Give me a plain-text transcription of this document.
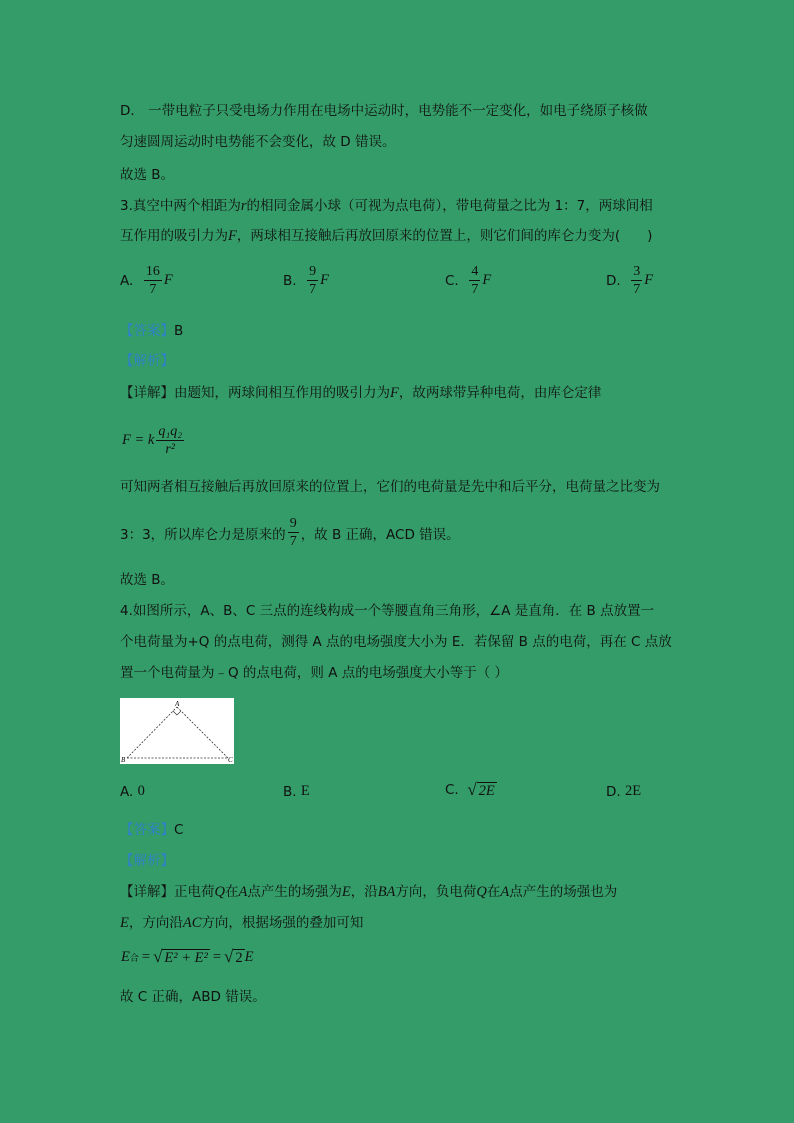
D． 一带电粒子只受电场力作用在电场中运动时，电势能不一定变化，如电子绕原子核做
匀速圆周运动时电势能不会变化，故 D 错误。
故选 B。
3.真空中两个相距为r的相同金属小球（可视为点电荷），带电荷量之比为 1：7，两球间相
互作用的吸引力为F，两球相互接触后再放回原来的位置上，则它们间的库仑力变为(　　)
A.
$\frac{16}{7}$ F	B.
$\frac{9}{7}$ F	C.
$\frac{4}{7}$ F	D.
$\frac{3}{7}$ F
【答案】B
【解析】
【详解】由题知，两球间相互作用的吸引力为F，故两球带异种电荷，由库仑定律
F = k $\frac{\text{q₁q₂}}{\text{r²}}$
可知两者相互接触后再放回原来的位置上，它们的电荷量是先中和后平分，电荷量之比变为
3：3，所以库仑力是原来的 $\frac{9}{7}$ ，故 B 正确，ACD 错误。
故选 B。
4.如图所示，A、B、C 三点的连线构成一个等腰直角三角形，∠A 是直角．在 B 点放置一
个电荷量为+Q 的点电荷，测得 A 点的电场强度大小为 E．若保留 B 点的电荷，再在 C 点放
置一个电荷量为﹣Q 的点电荷，则 A 点的电场强度大小等于（ ）
A
B	C
A.
0	B.
E	C.
√ 2E	D.
2E
【答案】C
【解析】
【详解】正电荷Q在A点产生的场强为E，沿BA方向，负电荷Q在A点产生的场强也为
E，方向沿AC方向，根据场强的叠加可知
E 合 = √ E² + E² = √ 2 E
故 C 正确，ABD 错误。
